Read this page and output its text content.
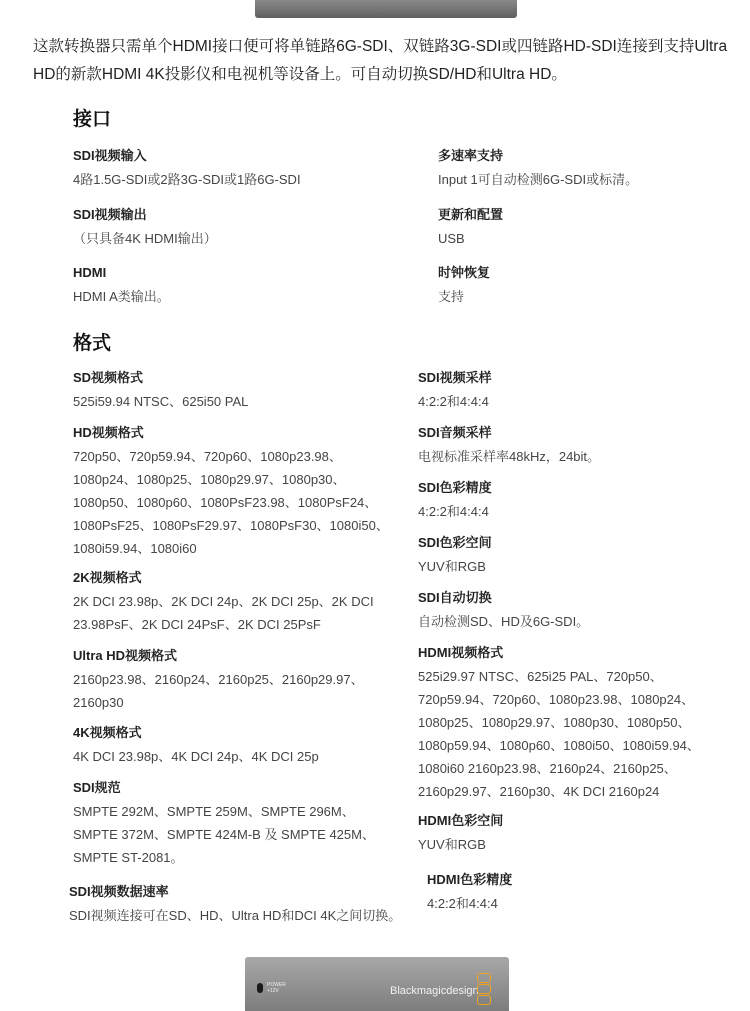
这款转换器只需单个HDMI接口便可将单链路6G-SDI、双链路3G-SDI或四链路HD-SDI连接到支持Ultra HD的新款HDMI 4K投影仪和电视机等设备上。可自动切换SD/HD和Ultra HD。
接口
SDI视频输入
4路1.5G-SDI或2路3G-SDI或1路6G-SDI
SDI视频输出
（只具备4K HDMI输出）
HDMI
HDMI A类输出。
多速率支持
Input 1可自动检测6G-SDI或标清。
更新和配置
USB
时钟恢复
支持
格式
SD视频格式
525i59.94 NTSC、625i50 PAL
HD视频格式
720p50、720p59.94、720p60、1080p23.98、1080p24、1080p25、1080p29.97、1080p30、1080p50、1080p60、1080PsF23.98、1080PsF24、1080PsF25、1080PsF29.97、1080PsF30、1080i50、1080i59.94、1080i60
2K视频格式
2K DCI 23.98p、2K DCI 24p、2K DCI 25p、2K DCI 23.98PsF、2K DCI 24PsF、2K DCI 25PsF
Ultra HD视频格式
2160p23.98、2160p24、2160p25、2160p29.97、2160p30
4K视频格式
4K DCI 23.98p、4K DCI 24p、4K DCI 25p
SDI规范
SMPTE 292M、SMPTE 259M、SMPTE 296M、SMPTE 372M、SMPTE 424M-B 及 SMPTE 425M、SMPTE ST-2081。
SDI视频数据速率
SDI视频连接可在SD、HD、Ultra HD和DCI 4K之间切换。
SDI视频采样
4:2:2和4:4:4
SDI音频采样
电视标准采样率48kHz，24bit。
SDI色彩精度
4:2:2和4:4:4
SDI色彩空间
YUV和RGB
SDI自动切换
自动检测SD、HD及6G-SDI。
HDMI视频格式
525i29.97 NTSC、625i25 PAL、720p50、720p59.94、720p60、1080p23.98、1080p24、1080p25、1080p29.97、1080p30、1080p50、1080p59.94、1080p60、1080i50、1080i59.94、1080i60 2160p23.98、2160p24、2160p25、2160p29.97、2160p30、4K DCI 2160p24
HDMI色彩空间
YUV和RGB
HDMI色彩精度
4:2:2和4:4:4
POWER
+12V	Blackmagicdesign
